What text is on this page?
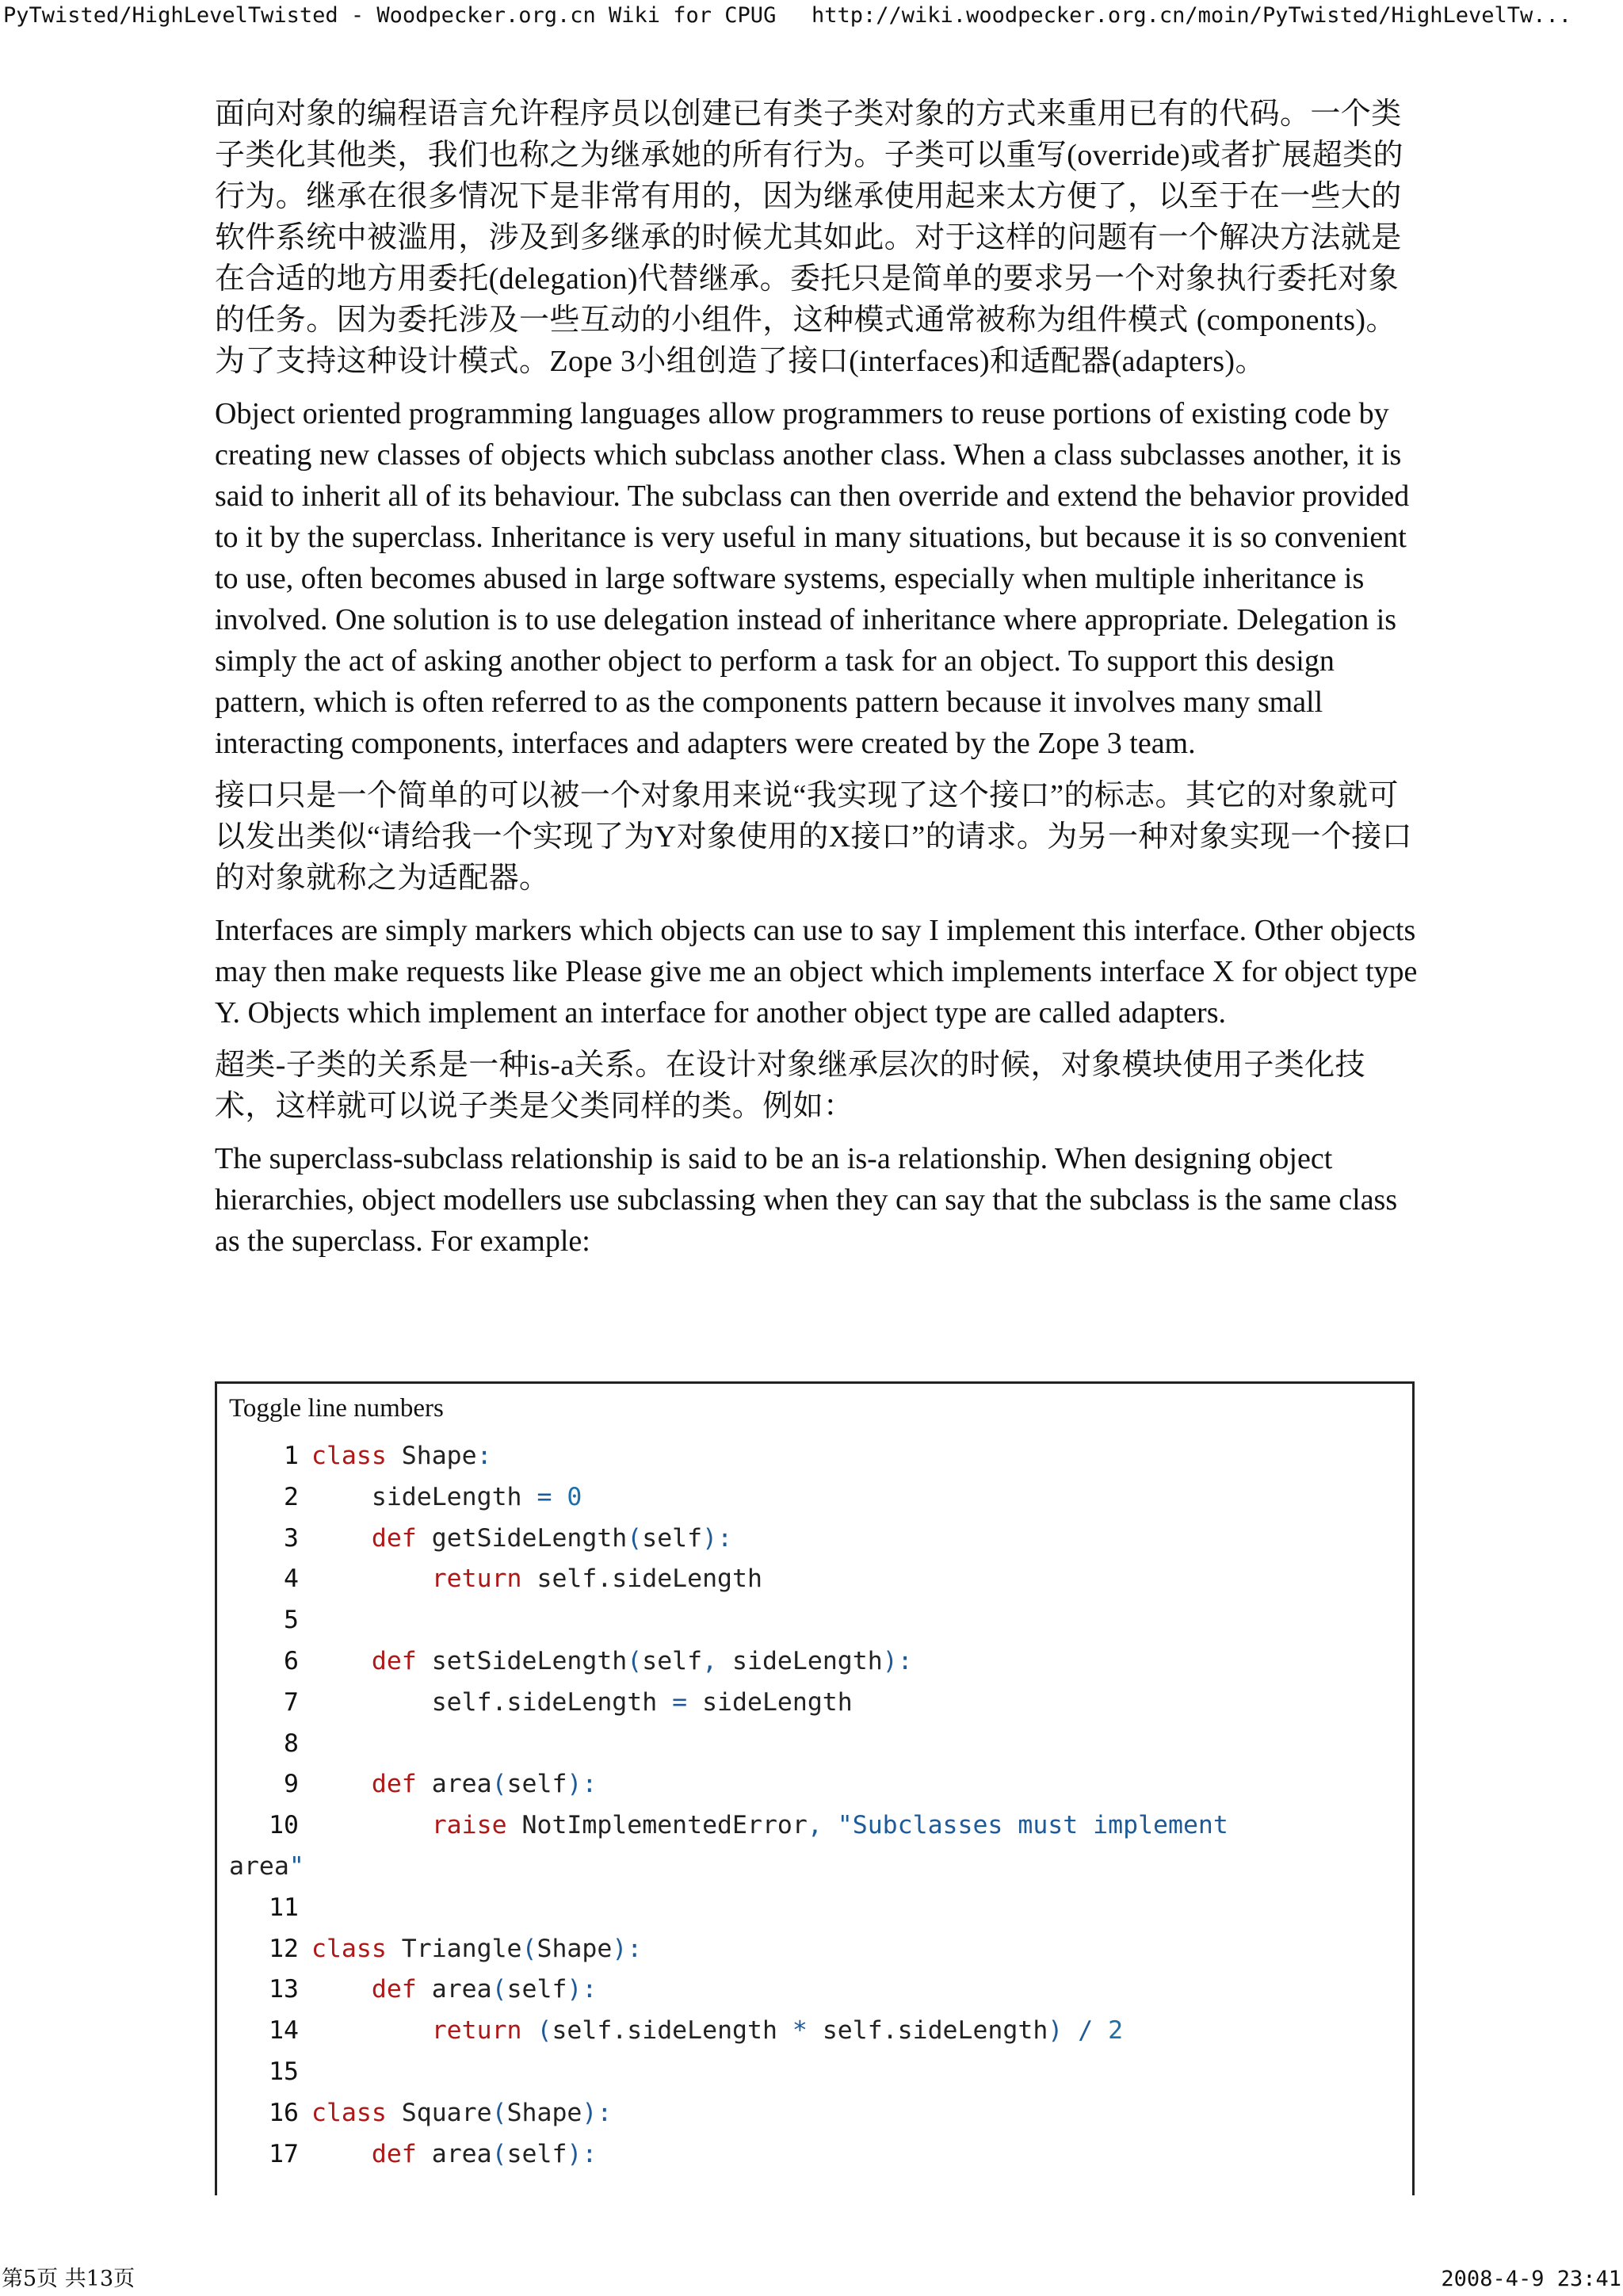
PyTwisted/HighLevelTwisted - Woodpecker.org.cn Wiki for CPUG http://wiki.woodpecker.org.cn/moin/PyTwisted/HighLevelTw...

面向对象的编程语言允许程序员以创建已有类子类对象的方式来重用已有的代码。一个类子类化其他类，我们也称之为继承她的所有行为。子类可以重写(override)或者扩展超类的行为。继承在很多情况下是非常有用的，因为继承使用起来太方便了，以至于在一些大的软件系统中被滥用，涉及到多继承的时候尤其如此。对于这样的问题有一个解决方法就是在合适的地方用委托(delegation)代替继承。委托只是简单的要求另一个对象执行委托对象的任务。因为委托涉及一些互动的小组件，这种模式通常被称为组件模式 (components)。为了支持这种设计模式。Zope 3小组创造了接口(interfaces)和适配器(adapters)。

Object oriented programming languages allow programmers to reuse portions of existing code by creating new classes of objects which subclass another class. When a class subclasses another, it is said to inherit all of its behaviour. The subclass can then override and extend the behavior provided to it by the superclass. Inheritance is very useful in many situations, but because it is so convenient to use, often becomes abused in large software systems, especially when multiple inheritance is involved. One solution is to use delegation instead of inheritance where appropriate. Delegation is simply the act of asking another object to perform a task for an object. To support this design pattern, which is often referred to as the components pattern because it involves many small interacting components, interfaces and adapters were created by the Zope 3 team.

接口只是一个简单的可以被一个对象用来说“我实现了这个接口”的标志。其它的对象就可以发出类似“请给我一个实现了为Y对象使用的X接口”的请求。为另一种对象实现一个接口的对象就称之为适配器。

Interfaces are simply markers which objects can use to say I implement this interface. Other objects may then make requests like Please give me an object which implements interface X for object type Y. Objects which implement an interface for another object type are called adapters.

超类-子类的关系是一种is-a关系。在设计对象继承层次的时候，对象模块使用子类化技术，这样就可以说子类是父类同样的类。例如：

The superclass-subclass relationship is said to be an is-a relationship. When designing object hierarchies, object modellers use subclassing when they can say that the subclass is the same class as the superclass. For example:

Toggle line numbers
1 class Shape:
2    sideLength = 0
3	def getSideLength(self):
4	return self.sideLength
5
6	def setSideLength(self, sideLength):
7        self.sideLength = sideLength
8
9	def area(self):
10	raise NotImplementedError, "Subclasses must implement
area"
11
12 class Triangle(Shape):
13	def area(self):
14	return (self.sideLength * self.sideLength) / 2
15
16 class Square(Shape):
17	def area(self):
第5页 共13页	2008-4-9 23:41
